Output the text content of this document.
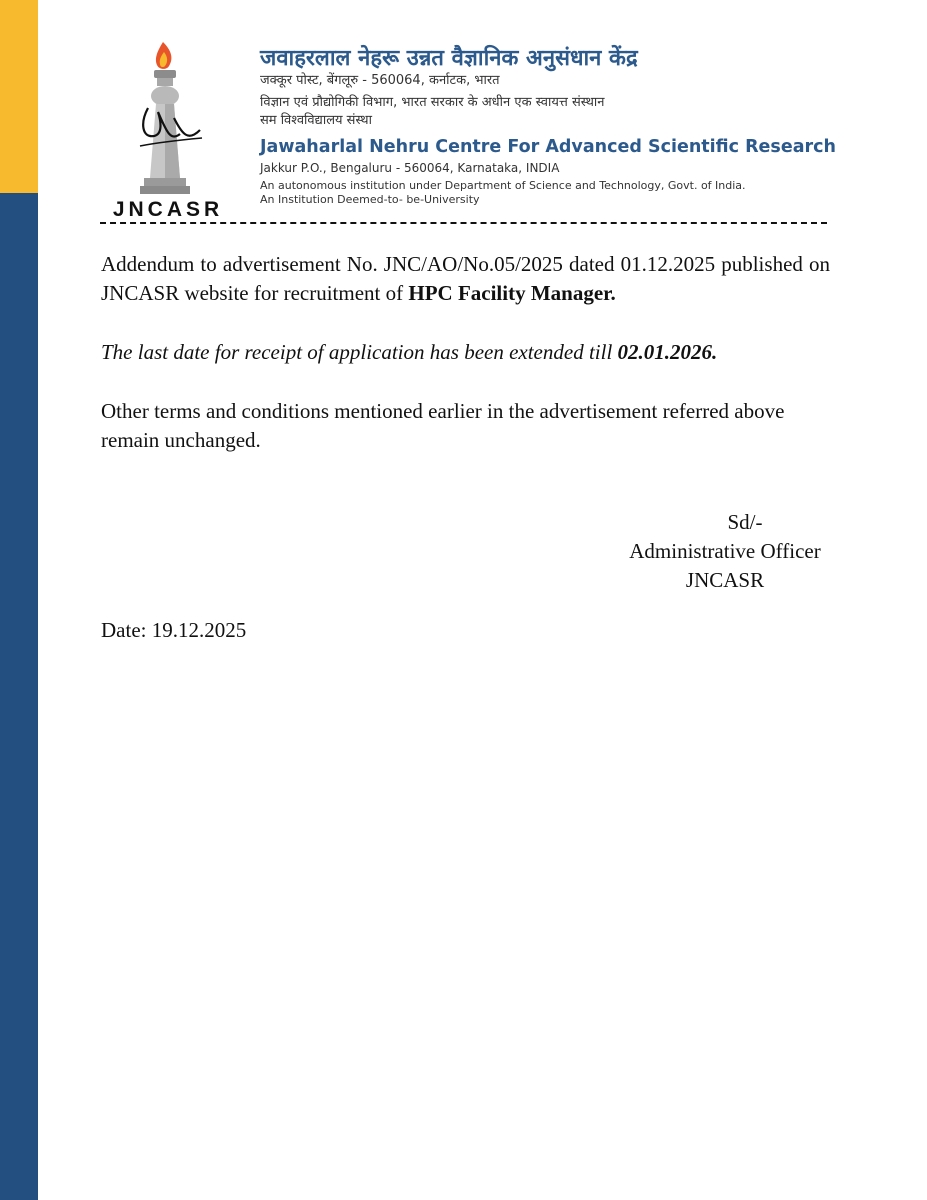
JNCASR
जवाहरलाल नेहरू उन्नत वैज्ञानिक अनुसंधान केंद्र
जक्कूर पोस्ट, बेंगलूरु - 560064, कर्नाटक, भारत
विज्ञान एवं प्रौद्योगिकी विभाग, भारत सरकार के अधीन एक स्वायत्त संस्थान
सम विश्वविद्यालय संस्था
Jawaharlal Nehru Centre For Advanced Scientific Research
Jakkur P.O., Bengaluru - 560064, Karnataka, INDIA
An autonomous institution under Department of Science and Technology, Govt. of India.
An Institution Deemed-to- be-University

Addendum to advertisement No. JNC/AO/No.05/2025 dated 01.12.2025 published on JNCASR website for recruitment of HPC Facility Manager.

The last date for receipt of application has been extended till 02.01.2026.

Other terms and conditions mentioned earlier in the advertisement referred above remain unchanged.

Sd/-
Administrative Officer
JNCASR
Date: 19.12.2025
